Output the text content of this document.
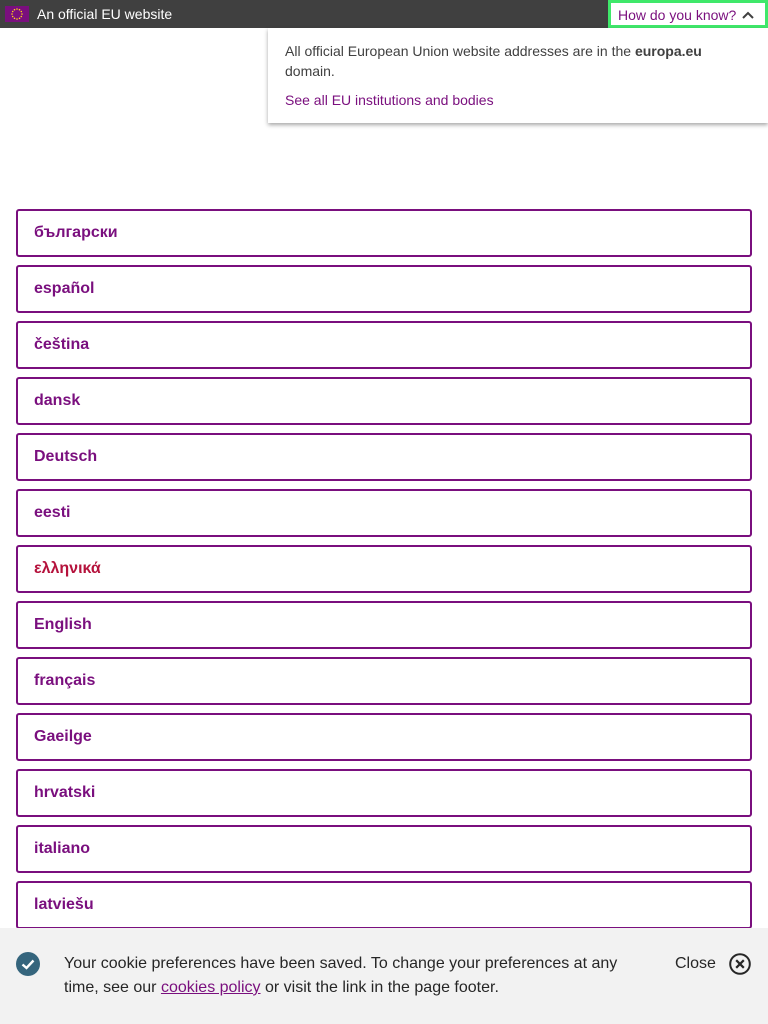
An official EU website	How do you know?

All official European Union website addresses are in the europa.eu domain.

See all EU institutions and bodies
български
español
čeština
dansk
Deutsch
eesti
ελληνικά
English
français
Gaeilge
hrvatski
italiano
latviešu
Your cookie preferences have been saved. To change your preferences at any time, see our cookies policy or visit the link in the page footer.
Close
